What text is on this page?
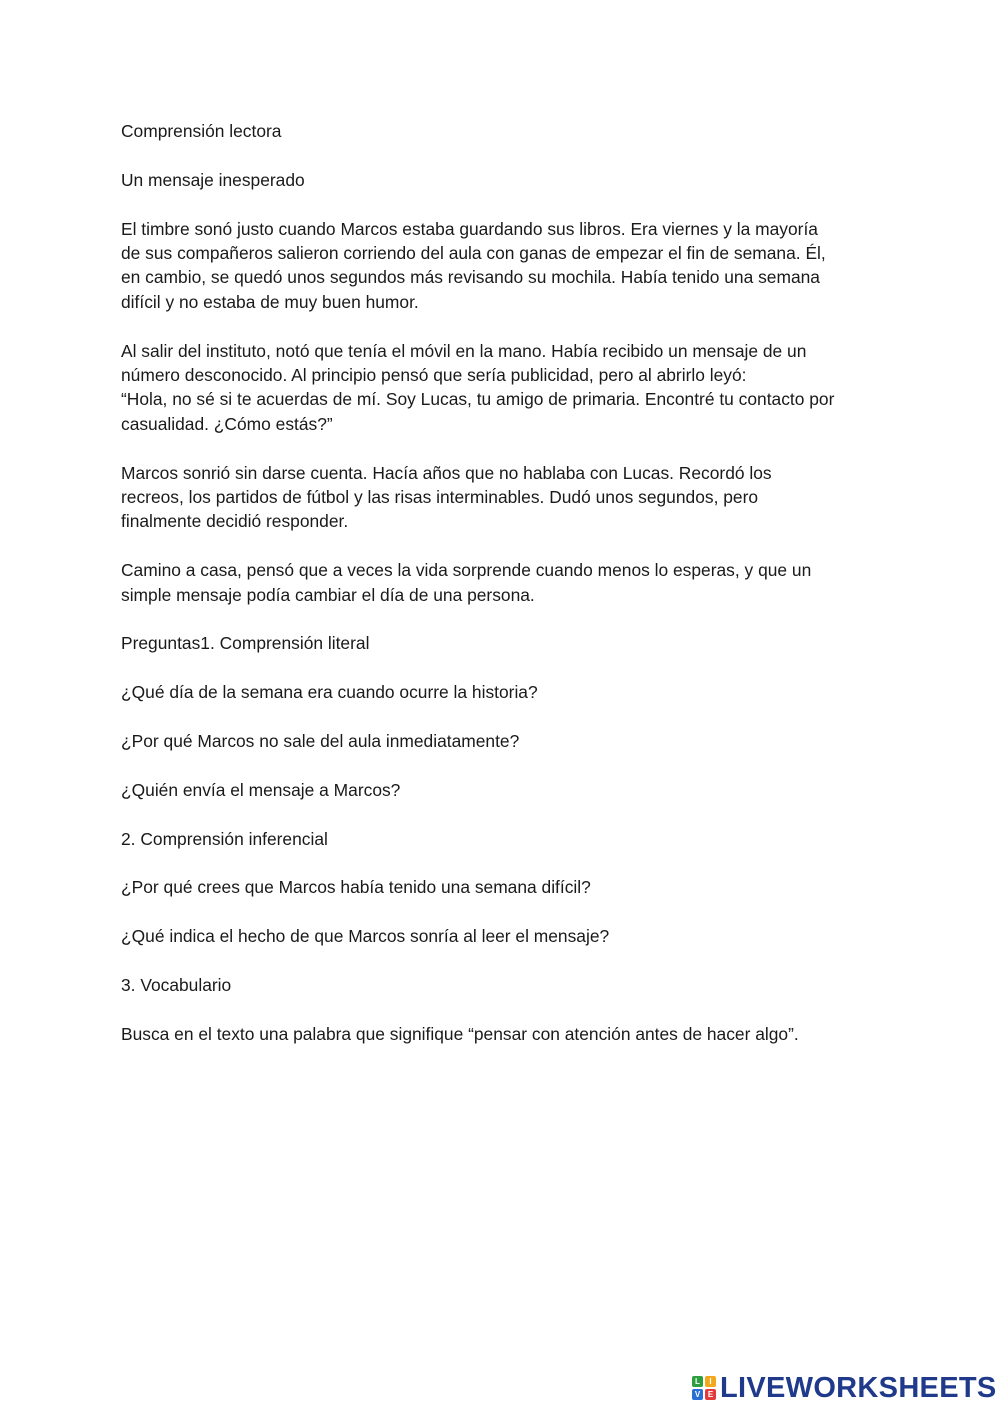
Comprensión lectora

Un mensaje inesperado

El timbre sonó justo cuando Marcos estaba guardando sus libros. Era viernes y la mayoría
de sus compañeros salieron corriendo del aula con ganas de empezar el fin de semana. Él,
en cambio, se quedó unos segundos más revisando su mochila. Había tenido una semana
difícil y no estaba de muy buen humor.

Al salir del instituto, notó que tenía el móvil en la mano. Había recibido un mensaje de un
número desconocido. Al principio pensó que sería publicidad, pero al abrirlo leyó:
“Hola, no sé si te acuerdas de mí. Soy Lucas, tu amigo de primaria. Encontré tu contacto por
casualidad. ¿Cómo estás?”

Marcos sonrió sin darse cuenta. Hacía años que no hablaba con Lucas. Recordó los
recreos, los partidos de fútbol y las risas interminables. Dudó unos segundos, pero
finalmente decidió responder.

Camino a casa, pensó que a veces la vida sorprende cuando menos lo esperas, y que un
simple mensaje podía cambiar el día de una persona.

Preguntas1. Comprensión literal

¿Qué día de la semana era cuando ocurre la historia?

¿Por qué Marcos no sale del aula inmediatamente?

¿Quién envía el mensaje a Marcos?

2. Comprensión inferencial

¿Por qué crees que Marcos había tenido una semana difícil?

¿Qué indica el hecho de que Marcos sonría al leer el mensaje?

3. Vocabulario

Busca en el texto una palabra que signifique “pensar con atención antes de hacer algo”.

L	I
V E LIVEWORKSHEETS
